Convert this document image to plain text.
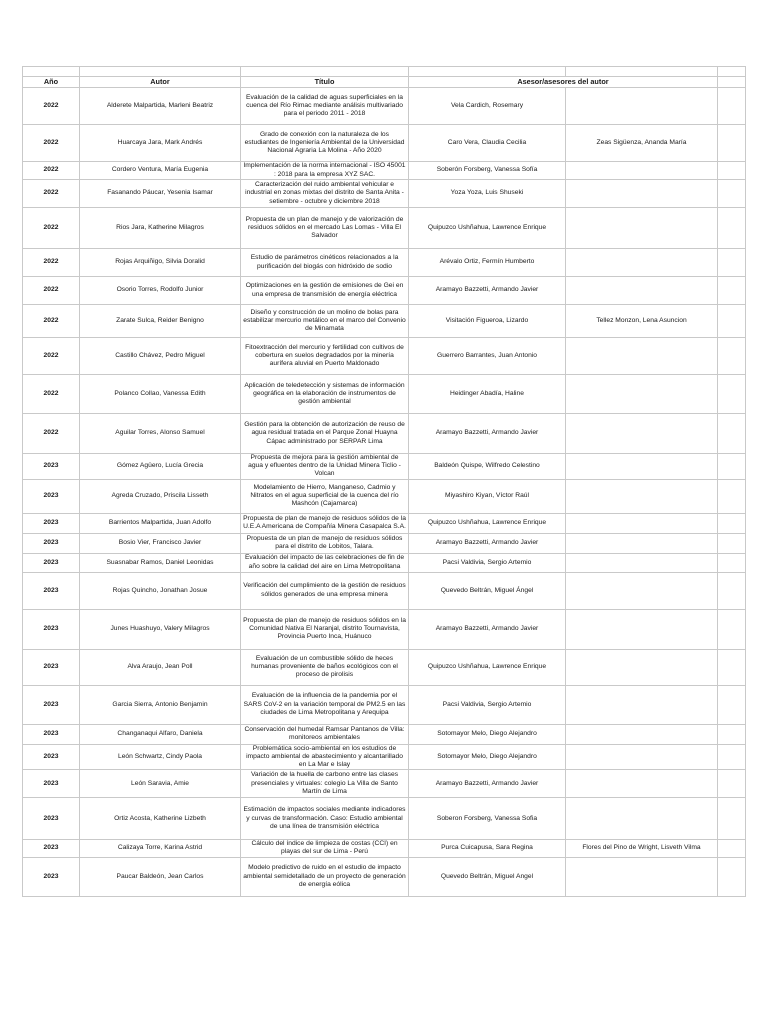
Año	Autor	Título	Asesor/asesores del autor		
2022	Alderete Malpartida, Marleni Beatriz	Evaluación de la calidad de aguas superficiales en la cuenca del Río Rimac mediante análisis multivariado para el periodo 2011 - 2018	Vela Cardich, Rosemary		
2022	Huarcaya Jara, Mark Andrés	Grado de conexión con la naturaleza de los estudiantes de Ingeniería Ambiental de la Universidad Nacional Agraria La Molina - Año 2020	Caro Vera, Claudia Cecilia	Zeas Sigüenza, Ananda María	
2022	Cordero Ventura, María Eugenia	Implementación de la norma internacional - ISO 45001 : 2018 para la empresa XYZ SAC.	Soberón Forsberg, Vanessa Sofía		
2022	Fasanando Páucar, Yesenia Isamar	Caracterización del ruido ambiental vehicular e industrial en zonas mixtas del distrito de Santa Anita - setiembre - octubre y diciembre 2018	Yoza Yoza, Luis Shuseki		
2022	Rios Jara, Katherine Milagros	Propuesta de un plan de manejo y de valorización de residuos sólidos en el mercado Las Lomas - Villa El Salvador	Quipuzco Ushñahua, Lawrence Enrique		
2022	Rojas Arquiñigo, Silvia Doralid	Estudio de parámetros cinéticos relacionados a la purificación del biogás con hidróxido de sodio	Arévalo Ortiz, Fermín Humberto		
2022	Osorio Torres, Rodolfo Junior	Optimizaciones en la gestión de emisiones de Gei en una empresa de transmisión de energía eléctrica	Aramayo Bazzetti, Armando Javier		
2022	Zarate Sulca, Reider Benigno	Diseño y construcción de un molino de bolas para estabilizar mercurio metálico en el marco del Convenio de Minamata	Visitación Figueroa, Lizardo	Tellez Monzon, Lena Asuncion	
2022	Castillo Chávez, Pedro Miguel	Fitoextracción del mercurio y fertilidad con cultivos de cobertura en suelos degradados por la minería aurífera aluvial en Puerto Maldonado	Guerrero Barrantes, Juan Antonio		
2022	Polanco Collao, Vanessa Edith	Aplicación de teledetección y sistemas de información geográfica en la elaboración de instrumentos de gestión ambiental	Heidinger Abadía, Haline		
2022	Aguilar Torres, Alonso Samuel	Gestión para la obtención de autorización de reuso de agua residual tratada en el Parque Zonal Huayna Cápac administrado por SERPAR Lima	Aramayo Bazzetti, Armando Javier		
2023	Gómez Agüero, Lucía Grecia	Propuesta de mejora para la gestión ambiental de agua y efluentes dentro de la Unidad Minera Ticlio - Volcan	Baldeón Quispe, Wilfredo Celestino		
2023	Agreda Cruzado, Priscila Lisseth	Modelamiento de Hierro, Manganeso, Cadmio y Nitratos en el agua superficial de la cuenca del río Mashcón (Cajamarca)	Miyashiro Kiyan, Víctor Raúl		
2023	Barrientos Malpartida, Juan Adolfo	Propuesta de plan de manejo de residuos sólidos de la U.E.A Americana de Compañía Minera Casapalca S.A.	Quipuzco Ushñahua, Lawrence Enrique		
2023	Bosio Vier, Francisco Javier	Propuesta de un plan de manejo de residuos sólidos para el distrito de Lobitos, Talara.	Aramayo Bazzetti, Armando Javier		
2023	Suasnabar Ramos, Daniel Leonidas	Evaluación del impacto de las celebraciones de fin de año sobre la calidad del aire en Lima Metropolitana	Pacsi Valdivia, Sergio Artemio		
2023	Rojas Quincho, Jonathan Josue	Verificación del cumplimiento de la gestión de residuos sólidos generados de una empresa minera	Quevedo Beltrán, Miguel Ángel		
2023	Junes Huashuyo, Valery Milagros	Propuesta de plan de manejo de residuos sólidos en la Comunidad Nativa El Naranjal, distrito Tournavista, Provincia Puerto Inca, Huánuco	Aramayo Bazzetti, Armando Javier		
2023	Alva Araujo, Jean Poll	Evaluación de un combustible sólido de heces humanas proveniente de baños ecológicos con el proceso de pirolisis	Quipuzco Ushñahua, Lawrence Enrique		
2023	Garcia Sierra, Antonio Benjamin	Evaluación de la influencia de la pandemia por el SARS CoV-2 en la variación temporal de PM2.5 en las ciudades de Lima Metropolitana y Arequipa	Pacsi Valdivia, Sergio Artemio		
2023	Changanaqui Alfaro, Daniela	Conservación del humedal Ramsar Pantanos de Villa: monitoreos ambientales	Sotomayor Melo, Diego Alejandro		
2023	León Schwartz, Cindy Paola	Problemática socio-ambiental en los estudios de impacto ambiental de abastecimiento y alcantarillado en La Mar e Islay	Sotomayor Melo, Diego Alejandro		
2023	León Saravia, Amie	Variación de la huella de carbono entre las clases presenciales y virtuales: colegio La Villa de Santo Martín de Lima	Aramayo Bazzetti, Armando Javier		
2023	Ortiz Acosta, Katherine Lizbeth	Estimación de impactos sociales mediante indicadores y curvas de transformación. Caso: Estudio ambiental de una línea de transmisión eléctrica	Soberon Forsberg, Vanessa Sofia		
2023	Calizaya Torre, Karina Astrid	Cálculo del índice de limpieza de costas (CCI) en playas del sur de Lima - Perú	Purca Cuicapusa, Sara Regina	Flores del Pino de Wright, Lisveth Vilma	
2023	Paucar Baldeón, Jean Carlos	Modelo predictivo de ruido en el estudio de impacto ambiental semidetallado de un proyecto de generación de energía eólica	Quevedo Beltrán, Miguel Angel		
